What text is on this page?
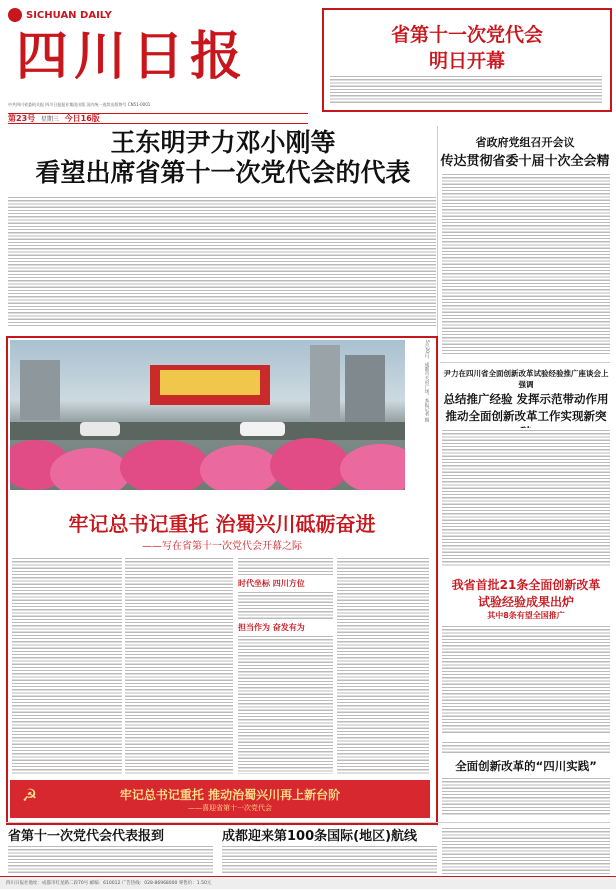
SICHUAN DAILY
四川日报	省第十一次党代会
明日开幕
中共四川省委机关报 四川日报报业集团出版 国内统一连续出版物号 CN51-0001
第23号 星期三 今日16版
王东明尹力邓小刚等
看望出席省第十一次党代会的代表
省政府党组召开会议
传达贯彻省委十届十次全会精
5月20日，成都市天府广场。本报记者 摄
牢记总书记重托 治蜀兴川砥砺奋进
——写在省第十一次党代会开幕之际
时代坐标 四川方位
担当作为 奋发有为
☭	牢记总书记重托 推动治蜀兴川再上新台阶
——喜迎省第十一次党代会
尹力在四川省全面创新改革试验经验推广座谈会上强调
总结推广经验 发挥示范带动作用
推动全面创新改革工作实现新突
我省首批21条全面创新改革
试验经验成果出炉
其中8条有望全国推广
全面创新改革的“四川实践”
省第十一次党代会代表报到	成都迎来第100条国际(地区)航线
四川日报社地址：成都市红星路二段70号 邮编：610012 广告热线：028-86968000 零售价：1.50元
